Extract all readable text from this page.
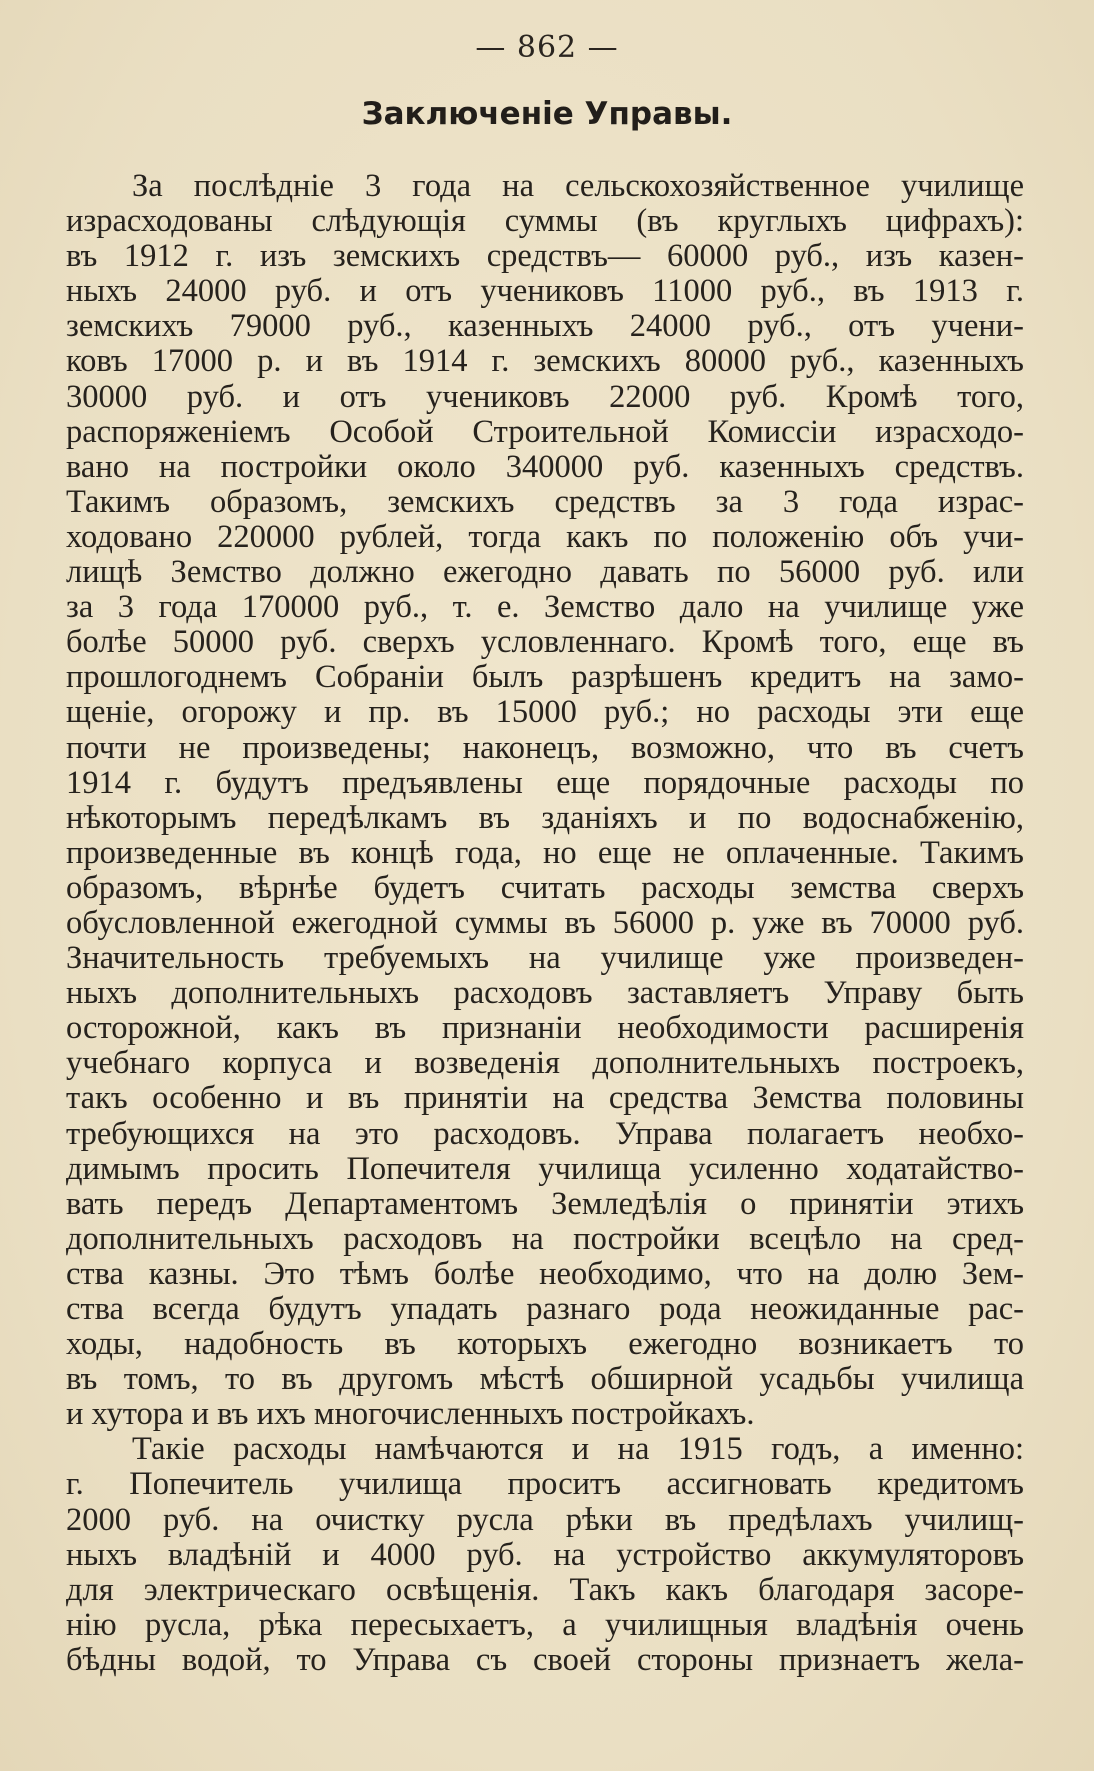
— 862 —
Заключеніе Управы.
За послѣдніе 3 года на сельскохозяйственное училище
израсходованы слѣдующія суммы (въ круглыхъ цифрахъ):
въ 1912 г. изъ земскихъ средствъ— 60000 руб., изъ казен-
ныхъ 24000 руб. и отъ учениковъ 11000 руб., въ 1913 г.
земскихъ 79000 руб., казенныхъ 24000 руб., отъ учени-
ковъ 17000 р. и въ 1914 г. земскихъ 80000 руб., казенныхъ
30000 руб. и отъ учениковъ 22000 руб. Кромѣ того,
распоряженіемъ Особой Строительной Комиссіи израсходо-
вано на постройки около 340000 руб. казенныхъ средствъ.
Такимъ образомъ, земскихъ средствъ за 3 года израс-
ходовано 220000 рублей, тогда какъ по положенію объ учи-
лищѣ Земство должно ежегодно давать по 56000 руб. или
за 3 года 170000 руб., т. е. Земство дало на училище уже
болѣе 50000 руб. сверхъ условленнаго. Кромѣ того, еще въ
прошлогоднемъ Собраніи былъ разрѣшенъ кредитъ на замо-
щеніе, огорожу и пр. въ 15000 руб.; но расходы эти еще
почти не произведены; наконецъ, возможно, что въ счетъ
1914 г. будутъ предъявлены еще порядочные расходы по
нѣкоторымъ передѣлкамъ въ зданіяхъ и по водоснабженію,
произведенные въ концѣ года, но еще не оплаченные. Такимъ
образомъ, вѣрнѣе будетъ считать расходы земства сверхъ
обусловленной ежегодной суммы въ 56000 р. уже въ 70000 руб.
Значительность требуемыхъ на училище уже произведен-
ныхъ дополнительныхъ расходовъ заставляетъ Управу быть
осторожной, какъ въ признаніи необходимости расширенія
учебнаго корпуса и возведенія дополнительныхъ построекъ,
такъ особенно и въ принятіи на средства Земства половины
требующихся на это расходовъ. Управа полагаетъ необхо-
димымъ просить Попечителя училища усиленно ходатайство-
вать передъ Департаментомъ Земледѣлія о принятіи этихъ
дополнительныхъ расходовъ на постройки всецѣло на сред-
ства казны. Это тѣмъ болѣе необходимо, что на долю Зем-
ства всегда будутъ упадать разнаго рода неожиданные рас-
ходы, надобность въ которыхъ ежегодно возникаетъ то
въ томъ, то въ другомъ мѣстѣ обширной усадьбы училища
и хутора и въ ихъ многочисленныхъ постройкахъ.
Такіе расходы намѣчаются и на 1915 годъ, а именно:
г. Попечитель училища проситъ ассигновать кредитомъ
2000 руб. на очистку русла рѣки въ предѣлахъ училищ-
ныхъ владѣній и 4000 руб. на устройство аккумуляторовъ
для электрическаго освѣщенія. Такъ какъ благодаря засоре-
нію русла, рѣка пересыхаетъ, а училищныя владѣнія очень
бѣдны водой, то Управа съ своей стороны признаетъ жела-
